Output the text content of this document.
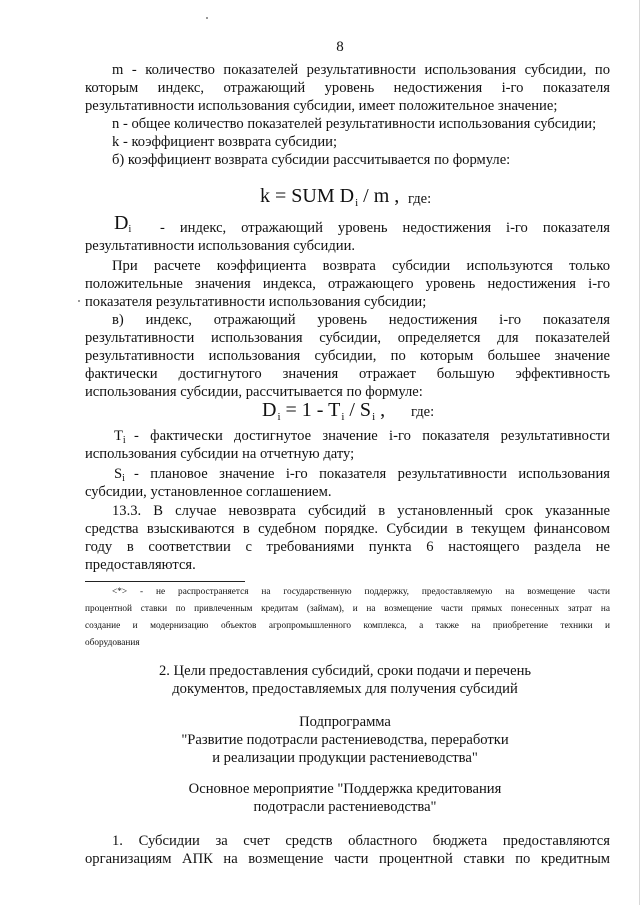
8
m - количество показателей результативности использования субсидии, по
которым индекс, отражающий уровень недостижения i-го показателя
результативности использования субсидии, имеет положительное значение;
n - общее количество показателей результативности использования субсидии;
k - коэффициент возврата субсидии;
б) коэффициент возврата субсидии рассчитывается по формуле:
k = SUM $D_i$ / m , где:
$D_i$ - индекс, отражающий уровень недостижения i-го показателя
результативности использования субсидии.
При расчете коэффициента возврата субсидии используются только
положительные значения индекса, отражающего уровень недостижения i-го
показателя результативности использования субсидии;
в) индекс, отражающий уровень недостижения i-го показателя
результативности использования субсидии, определяется для показателей
результативности использования субсидии, по которым большее значение
фактически достигнутого значения отражает большую эффективность
использования субсидии, рассчитывается по формуле:
$D_i = 1 - T_i / S_i$ , где:
$T_i$ - фактически достигнутое значение i-го показателя результативности
использования субсидии на отчетную дату;
$S_i$ - плановое значение i-го показателя результативности использования
субсидии, установленное соглашением.
13.3. В случае невозврата субсидий в установленный срок указанные
средства взыскиваются в судебном порядке. Субсидии в текущем финансовом
году в соответствии с требованиями пункта 6 настоящего раздела не
предоставляются.
<*> - не распространяется на государственную поддержку, предоставляемую на возмещение части
процентной ставки по привлеченным кредитам (займам), и на возмещение части прямых понесенных затрат на
создание и модернизацию объектов агропромышленного комплекса, а также на приобретение техники и
оборудования
2. Цели предоставления субсидий, сроки подачи и перечень
документов, предоставляемых для получения субсидий
Подпрограмма
"Развитие подотрасли растениеводства, переработки
и реализации продукции растениеводства"
Основное мероприятие "Поддержка кредитования
подотрасли растениеводства"
1. Субсидии за счет средств областного бюджета предоставляются
организациям АПК на возмещение части процентной ставки по кредитным
